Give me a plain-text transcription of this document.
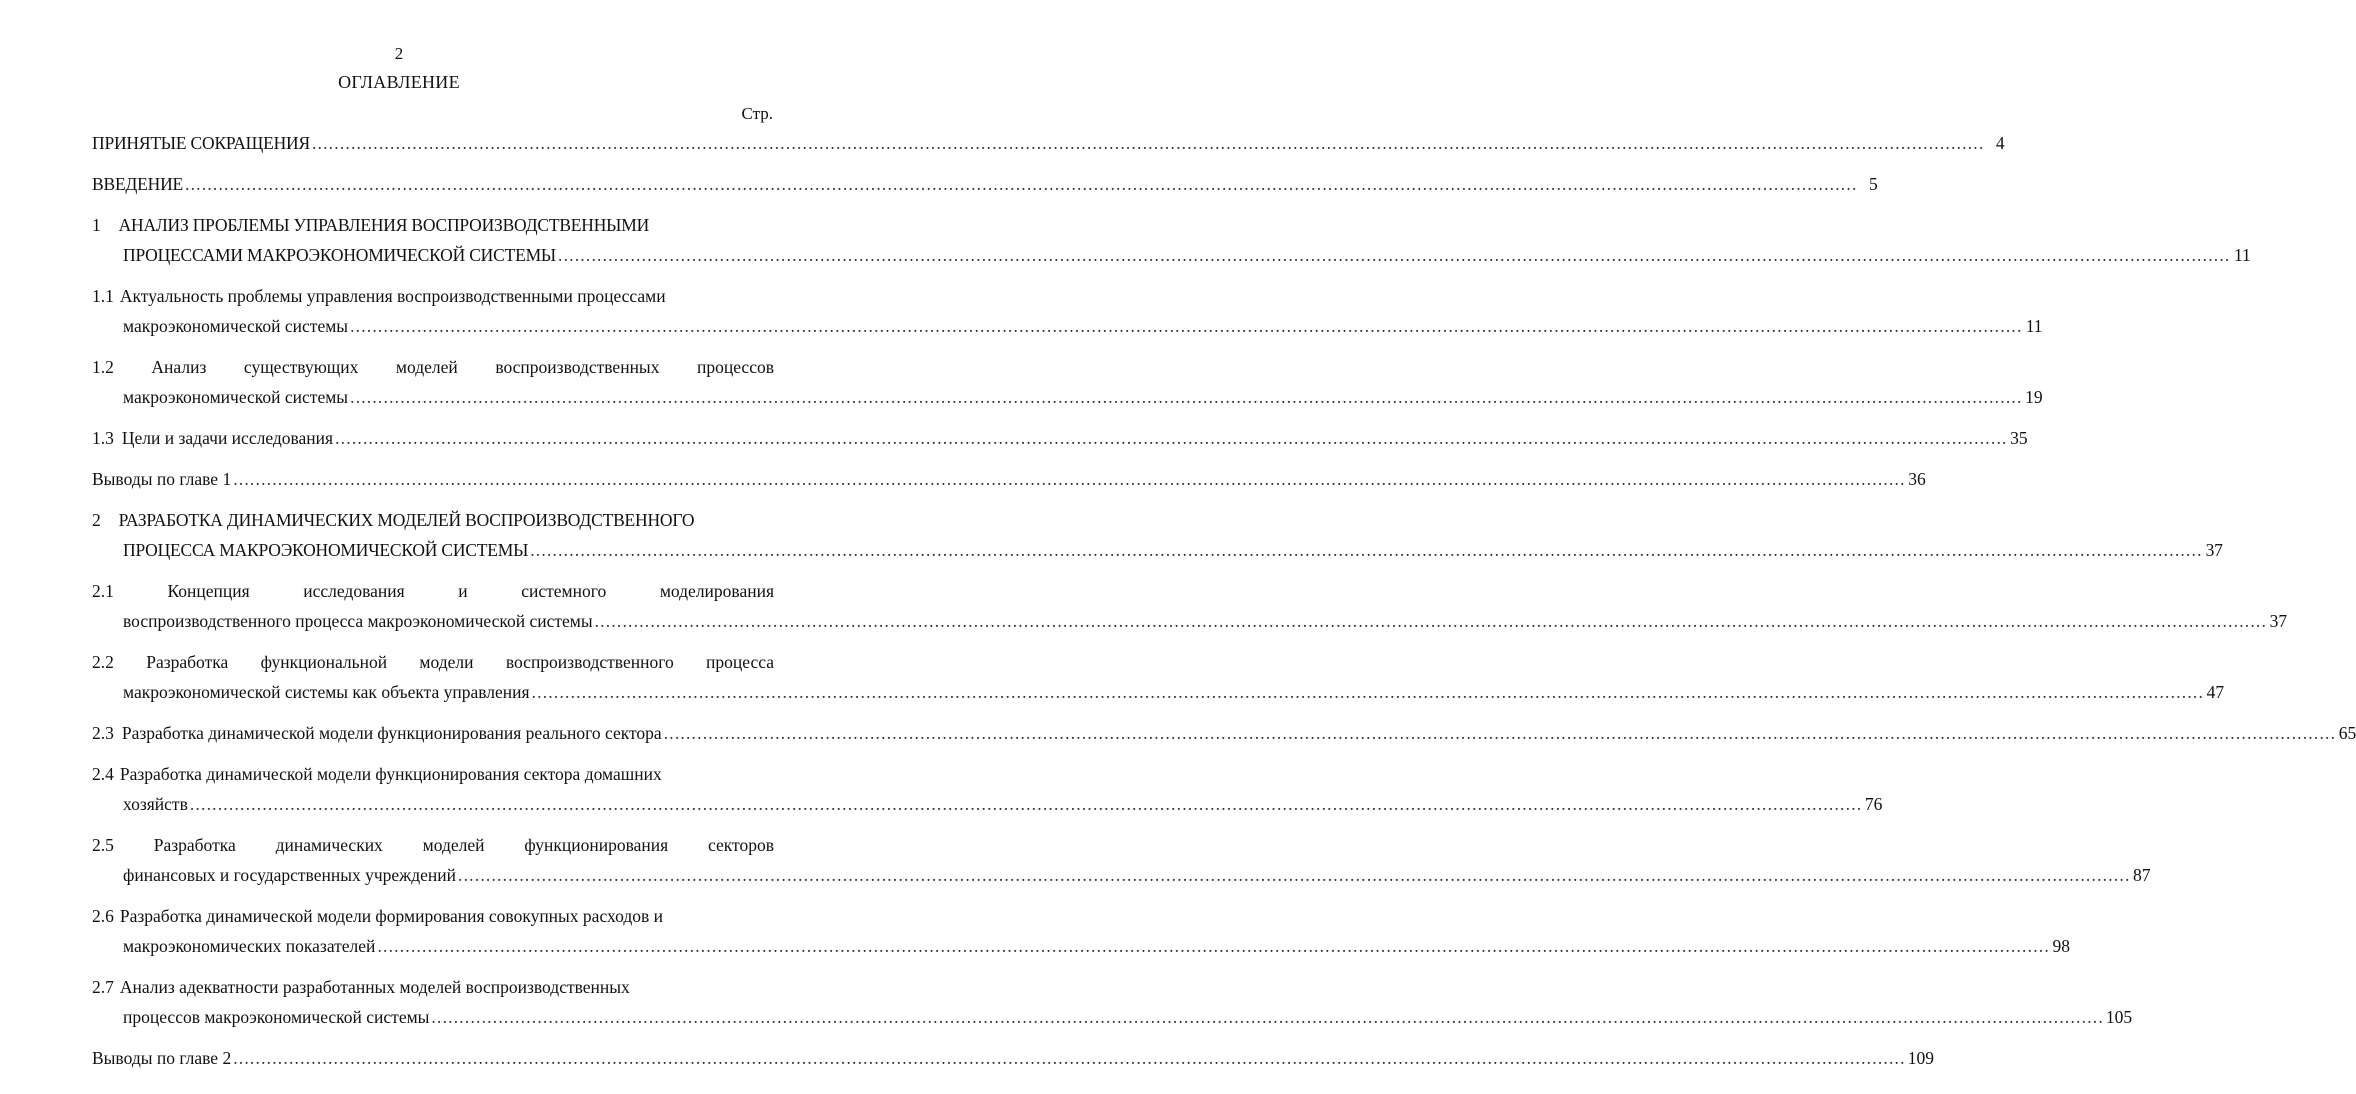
2
ОГЛАВЛЕНИЕ
Стр.
ПРИНЯТЫЕ СОКРАЩЕНИЯ ............................................................................................................................................................................................................................................................................................................ 4
ВВЕДЕНИЕ ............................................................................................................................................................................................................................................................................................................ 5
1 АНАЛИЗ ПРОБЛЕМЫ УПРАВЛЕНИЯ ВОСПРОИЗВОДСТВЕННЫМИ
ПРОЦЕССАМИ МАКРОЭКОНОМИЧЕСКОЙ СИСТЕМЫ ............................................................................................................................................................................................................................................................................................................ 11
1.1 Актуальность проблемы управления воспроизводственными процессами
макроэкономической системы ............................................................................................................................................................................................................................................................................................................ 11
1.2 Анализ существующих моделей воспроизводственных процессов
макроэкономической системы ............................................................................................................................................................................................................................................................................................................ 19
1.3 Цели и задачи исследования ............................................................................................................................................................................................................................................................................................................ 35
Выводы по главе 1 ............................................................................................................................................................................................................................................................................................................ 36
2 РАЗРАБОТКА ДИНАМИЧЕСКИХ МОДЕЛЕЙ ВОСПРОИЗВОДСТВЕННОГО
ПРОЦЕССА МАКРОЭКОНОМИЧЕСКОЙ СИСТЕМЫ ............................................................................................................................................................................................................................................................................................................ 37
2.1	Концепция	исследования	и	системного	моделирования
воспроизводственного процесса макроэкономической системы ............................................................................................................................................................................................................................................................................................................ 37
2.2 Разработка функциональной модели воспроизводственного процесса
макроэкономической системы как объекта управления ............................................................................................................................................................................................................................................................................................................ 47
2.3 Разработка динамической модели функционирования реального сектора ............................................................................................................................................................................................................................................................................................................ 65
2.4 Разработка динамической модели функционирования сектора домашних
хозяйств ............................................................................................................................................................................................................................................................................................................ 76
2.5 Разработка динамических моделей функционирования секторов
финансовых и государственных учреждений ............................................................................................................................................................................................................................................................................................................ 87
2.6 Разработка динамической модели формирования совокупных расходов и
макроэкономических показателей ............................................................................................................................................................................................................................................................................................................ 98
2.7 Анализ адекватности разработанных моделей воспроизводственных
процессов макроэкономической системы ............................................................................................................................................................................................................................................................................................................ 105
Выводы по главе 2 ............................................................................................................................................................................................................................................................................................................ 109
